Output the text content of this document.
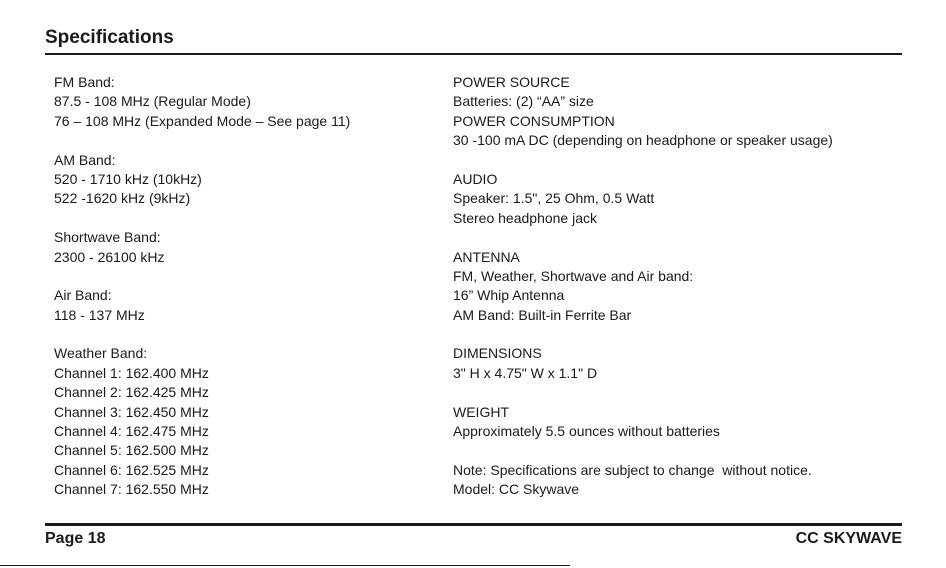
Specifications
FM Band:
87.5 - 108 MHz (Regular Mode)
76 – 108 MHz (Expanded Mode – See page 11)
AM Band:
520 - 1710 kHz (10kHz)
522 -1620 kHz (9kHz)
Shortwave Band:
2300 - 26100 kHz
Air Band:
118 - 137 MHz
Weather Band:
Channel 1: 162.400 MHz
Channel 2: 162.425 MHz
Channel 3: 162.450 MHz
Channel 4: 162.475 MHz
Channel 5: 162.500 MHz
Channel 6: 162.525 MHz
Channel 7: 162.550 MHz
POWER SOURCE
Batteries: (2) “AA” size
POWER CONSUMPTION
30 -100 mA DC (depending on headphone or speaker usage)
AUDIO
Speaker: 1.5", 25 Ohm, 0.5 Watt
Stereo headphone jack
ANTENNA
FM, Weather, Shortwave and Air band:
16” Whip Antenna
AM Band: Built-in Ferrite Bar
DIMENSIONS
3" H x 4.75" W x 1.1" D
WEIGHT
Approximately 5.5 ounces without batteries
Note: Specifications are subject to change  without notice.
Model: CC Skywave
Page 18	CC SKYWAVE
